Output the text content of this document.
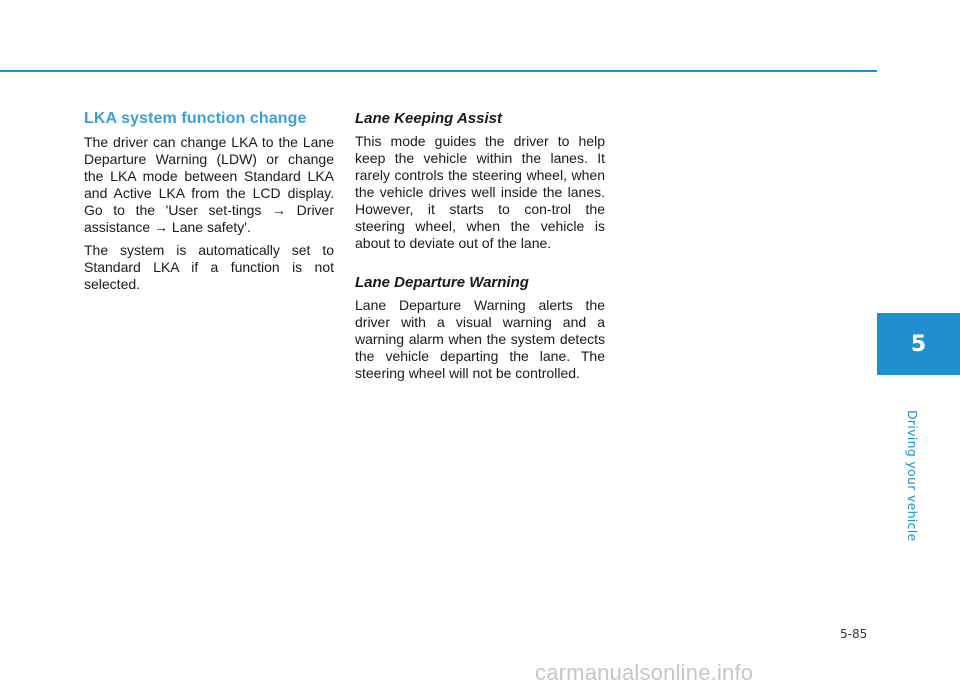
LKA system function change

The driver can change LKA to the Lane Departure Warning (LDW) or change the LKA mode between Standard LKA and Active LKA from the LCD display. Go to the 'User set-tings → Driver assistance → Lane safety'.

The system is automatically set to Standard LKA if a function is not selected.

Lane Keeping Assist

This mode guides the driver to help keep the vehicle within the lanes. It rarely controls the steering wheel, when the vehicle drives well inside the lanes. However, it starts to con-trol the steering wheel, when the vehicle is about to deviate out of the lane.

Lane Departure Warning

Lane Departure Warning alerts the driver with a visual warning and a warning alarm when the system detects the vehicle departing the lane. The steering wheel will not be controlled.

5
Driving your vehicle
5-85
carmanualsonline.info
